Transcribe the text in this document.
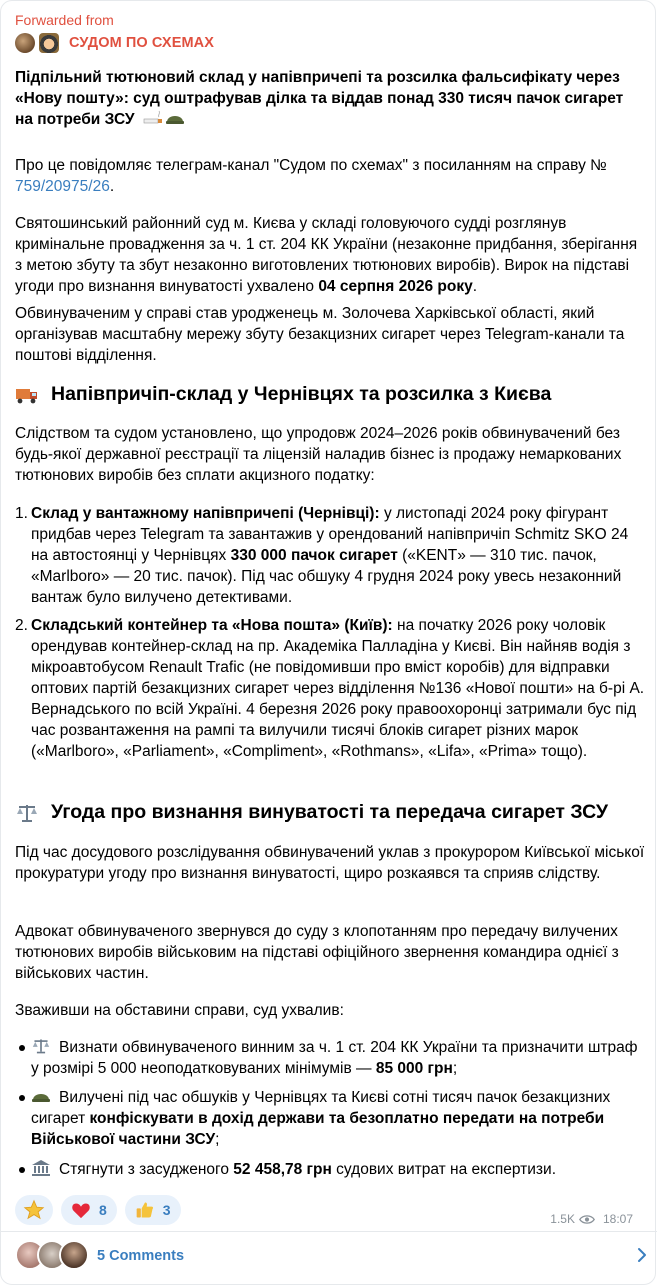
Forwarded from
СУДОМ ПО СХЕМАХ

Підпільний тютюновий склад у напівпричепі та розсилка фальсифікату через «Нову пошту»: суд оштрафував ділка та віддав понад 330 тисяч пачок сигарет на потреби ЗСУ

Про це повідомляє телеграм-канал "Судом по схемах" з посиланням на справу № 759/20975/26.

Святошинський районний суд м. Києва у складі головуючого судді розглянув кримінальне провадження за ч. 1 ст. 204 КК України (незаконне придбання, зберігання з метою збуту та збут незаконно виготовлених тютюнових виробів). Вирок на підставі угоди про визнання винуватості ухвалено 04 серпня 2026 року.

Обвинуваченим у справі став уродженець м. Золочева Харківської області, який організував масштабну мережу збуту безакцизних сигарет через Telegram-канали та поштові відділення.

Напівпричіп-склад у Чернівцях та розсилка з Києва

Слідством та судом установлено, що упродовж 2024–2026 років обвинувачений без будь-якої державної реєстрації та ліцензій наладив бізнес із продажу немаркованих тютюнових виробів без сплати акцизного податку:

1. Склад у вантажному напівпричепі (Чернівці): у листопаді 2024 року фігурант придбав через Telegram та завантажив у орендований напівпричіп Schmitz SKO 24 на автостоянці у Чернівцях 330 000 пачок сигарет («KENT» — 310 тис. пачок, «Marlboro» — 20 тис. пачок). Під час обшуку 4 грудня 2024 року увесь незаконний вантаж було вилучено детективами.

2. Складський контейнер та «Нова пошта» (Київ): на початку 2026 року чоловік орендував контейнер-склад на пр. Академіка Палладіна у Києві. Він найняв водія з мікроавтобусом Renault Trafic (не повідомивши про вміст коробів) для відправки оптових партій безакцизних сигарет через відділення №136 «Нової пошти» на б-рі А. Вернадського по всій Україні. 4 березня 2026 року правоохоронці затримали бус під час розвантаження на рампі та вилучили тисячі блоків сигарет різних марок («Marlboro», «Parliament», «Compliment», «Rothmans», «Lifa», «Prima» тощо).

Угода про визнання винуватості та передача сигарет ЗСУ

Під час досудового розслідування обвинувачений уклав з прокурором Київської міської прокуратури угоду про визнання винуватості, щиро розкаявся та сприяв слідству.

Адвокат обвинуваченого звернувся до суду з клопотанням про передачу вилучених тютюнових виробів військовим на підставі офіційного звернення командира однієї з військових частин.

Зваживши на обставини справи, суд ухвалив:

Визнати обвинуваченого винним за ч. 1 ст. 204 КК України та призначити штраф у розмірі 5 000 неоподатковуваних мінімумів — 85 000 грн;

Вилучені під час обшуків у Чернівцях та Києві сотні тисяч пачок безакцизних сигарет конфіскувати в дохід держави та безоплатно передати на потреби Військової частини ЗСУ;

Стягнути з засудженого 52 458,78 грн судових витрат на експертизи.

8	3
1.5K 18:07
5 Comments
